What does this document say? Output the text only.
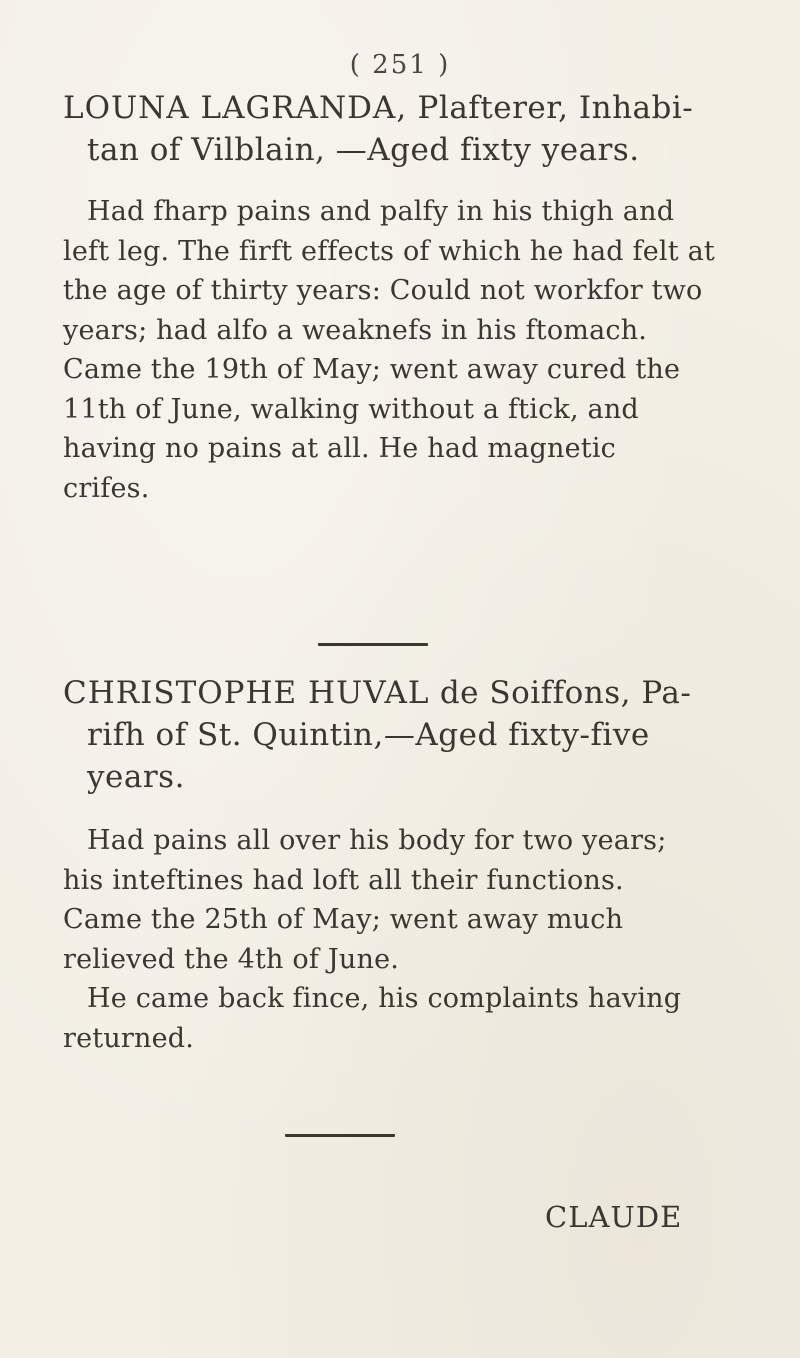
( 251 )
LOUNA LAGRANDA, Plafterer, Inhabi-
tan of Vilblain, —Aged fixty years.

Had fharp pains and palfy in his thigh and
left leg. The firft effects of which he had felt at
the age of thirty years: Could not workfor two
years; had alfo a weaknefs in his ftomach.
Came the 19th of May; went away cured the
11th of June, walking without a ftick, and
having no pains at all. He had magnetic
crifes.

CHRISTOPHE HUVAL de Soiffons, Pa-
rifh of St. Quintin,—Aged fixty-five years.

Had pains all over his body for two years;
his inteftines had loft all their functions.
Came the 25th of May; went away much
relieved the 4th of June.
He came back fince, his complaints having
returned.

CLAUDE
